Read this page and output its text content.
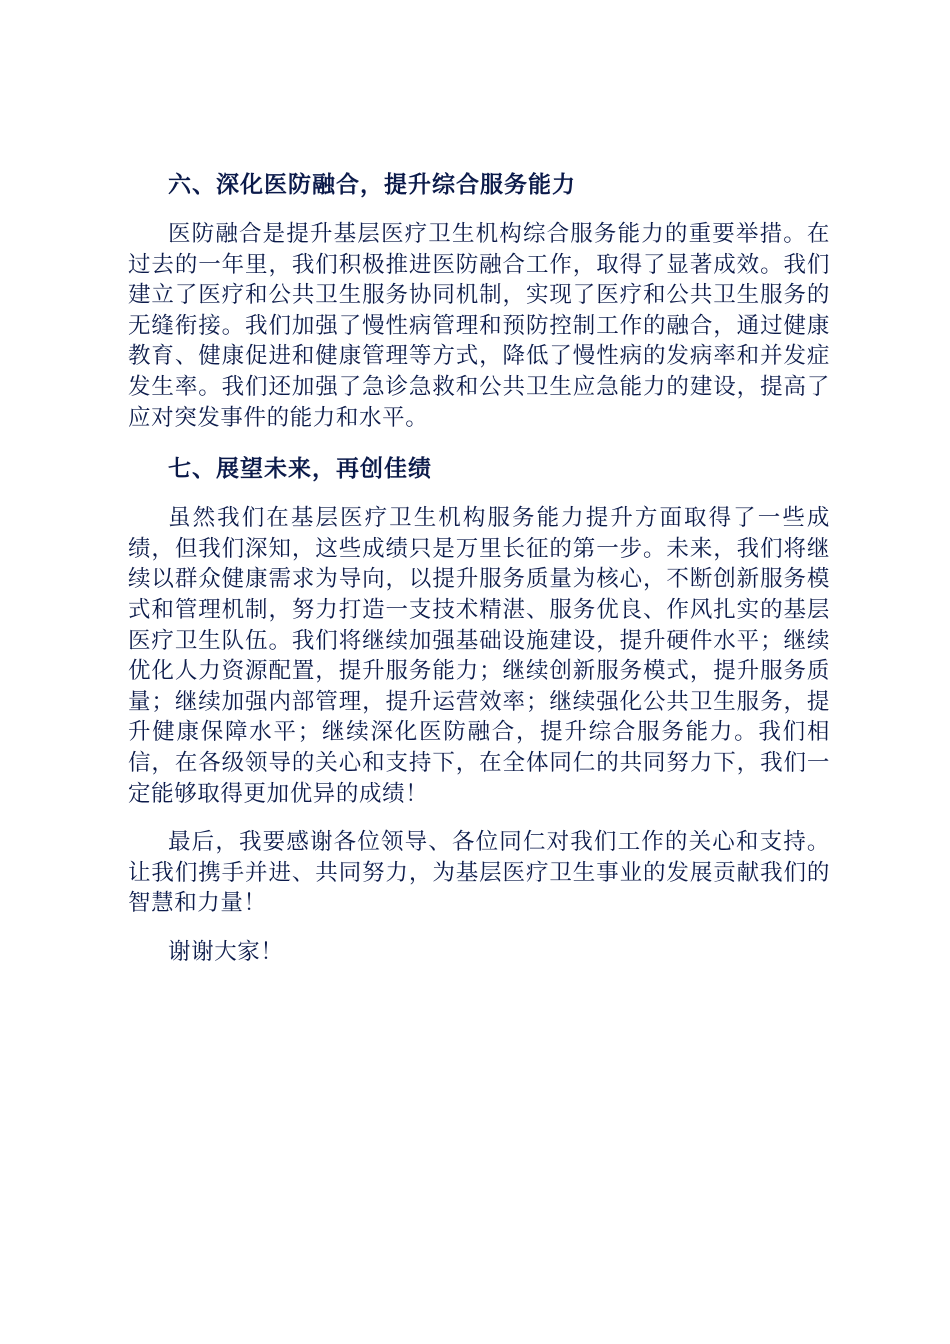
六、深化医防融合，提升综合服务能力

医防融合是提升基层医疗卫生机构综合服务能力的重要举措。在过去的一年里，我们积极推进医防融合工作，取得了显著成效。我们建立了医疗和公共卫生服务协同机制，实现了医疗和公共卫生服务的无缝衔接。我们加强了慢性病管理和预防控制工作的融合，通过健康教育、健康促进和健康管理等方式，降低了慢性病的发病率和并发症发生率。我们还加强了急诊急救和公共卫生应急能力的建设，提高了应对突发事件的能力和水平。

七、展望未来，再创佳绩

虽然我们在基层医疗卫生机构服务能力提升方面取得了一些成绩，但我们深知，这些成绩只是万里长征的第一步。未来，我们将继续以群众健康需求为导向，以提升服务质量为核心，不断创新服务模式和管理机制，努力打造一支技术精湛、服务优良、作风扎实的基层医疗卫生队伍。我们将继续加强基础设施建设，提升硬件水平；继续优化人力资源配置，提升服务能力；继续创新服务模式，提升服务质量；继续加强内部管理，提升运营效率；继续强化公共卫生服务，提升健康保障水平；继续深化医防融合，提升综合服务能力。我们相信，在各级领导的关心和支持下，在全体同仁的共同努力下，我们一定能够取得更加优异的成绩！

最后，我要感谢各位领导、各位同仁对我们工作的关心和支持。让我们携手并进、共同努力，为基层医疗卫生事业的发展贡献我们的智慧和力量！

谢谢大家！
